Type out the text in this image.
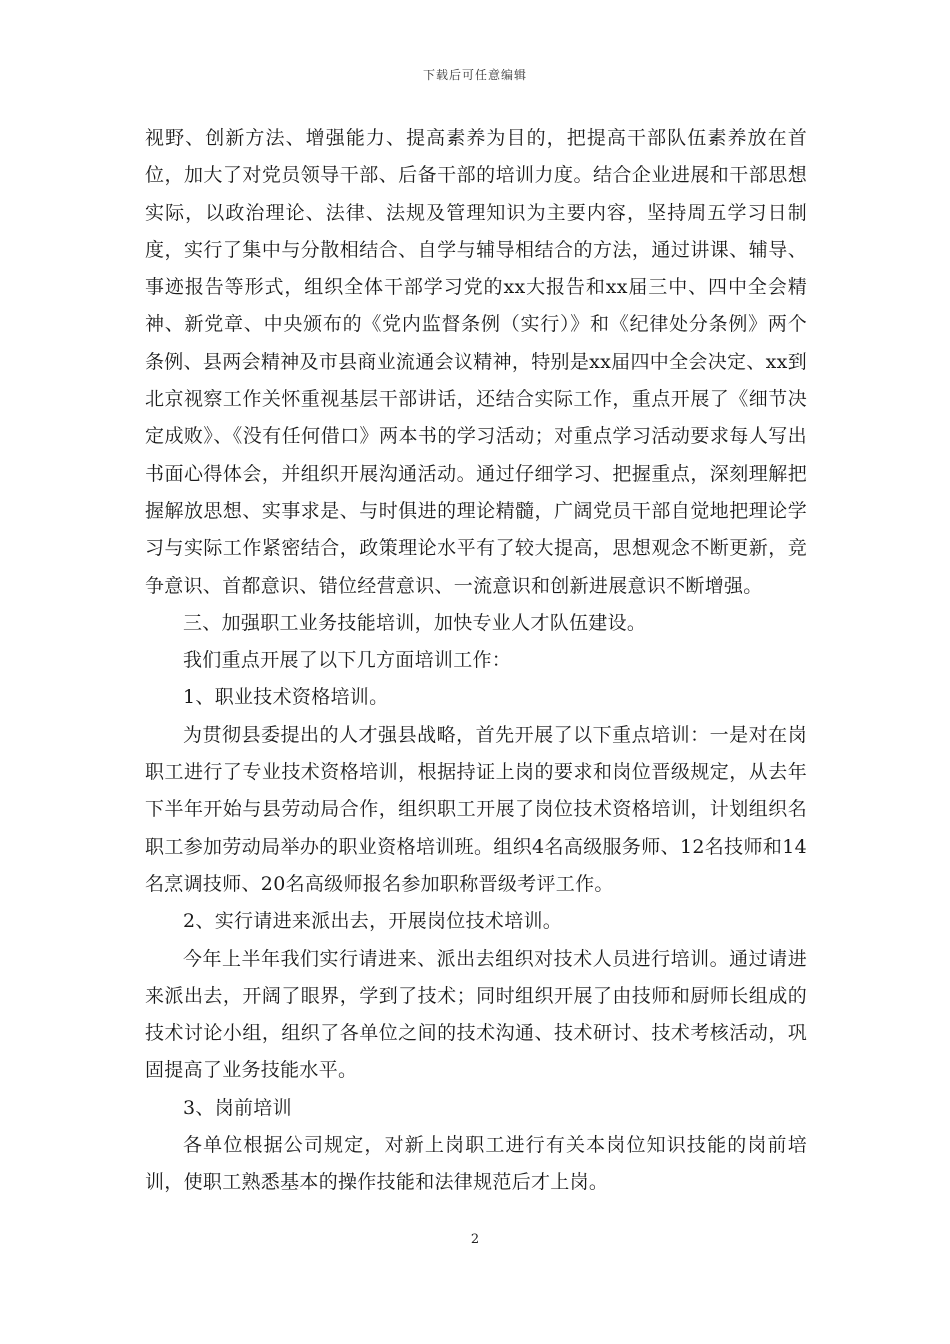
下载后可任意编辑

视野、创新方法、增强能力、提高素养为目的，把提高干部队伍素养放在首位，加大了对党员领导干部、后备干部的培训力度。结合企业进展和干部思想实际，以政治理论、法律、法规及管理知识为主要内容，坚持周五学习日制度，实行了集中与分散相结合、自学与辅导相结合的方法，通过讲课、辅导、事迹报告等形式，组织全体干部学习党的xx大报告和xx届三中、四中全会精神、新党章、中央颁布的《党内监督条例（实行）》和《纪律处分条例》两个条例、县两会精神及市县商业流通会议精神，特别是xx届四中全会决定、xx到北京视察工作关怀重视基层干部讲话，还结合实际工作，重点开展了《细节决定成败》、《没有任何借口》两本书的学习活动；对重点学习活动要求每人写出书面心得体会，并组织开展沟通活动。通过仔细学习、把握重点，深刻理解把握解放思想、实事求是、与时俱进的理论精髓，广阔党员干部自觉地把理论学习与实际工作紧密结合，政策理论水平有了较大提高，思想观念不断更新，竞争意识、首都意识、错位经营意识、一流意识和创新进展意识不断增强。

三、加强职工业务技能培训，加快专业人才队伍建设。

我们重点开展了以下几方面培训工作：

1、职业技术资格培训。

为贯彻县委提出的人才强县战略，首先开展了以下重点培训：一是对在岗职工进行了专业技术资格培训，根据持证上岗的要求和岗位晋级规定，从去年下半年开始与县劳动局合作，组织职工开展了岗位技术资格培训，计划组织名职工参加劳动局举办的职业资格培训班。组织4名高级服务师、12名技师和14名烹调技师、20名高级师报名参加职称晋级考评工作。

2、实行请进来派出去，开展岗位技术培训。

今年上半年我们实行请进来、派出去组织对技术人员进行培训。通过请进来派出去，开阔了眼界，学到了技术；同时组织开展了由技师和厨师长组成的技术讨论小组，组织了各单位之间的技术沟通、技术研讨、技术考核活动，巩固提高了业务技能水平。

3、岗前培训

各单位根据公司规定，对新上岗职工进行有关本岗位知识技能的岗前培训，使职工熟悉基本的操作技能和法律规范后才上岗。

2
